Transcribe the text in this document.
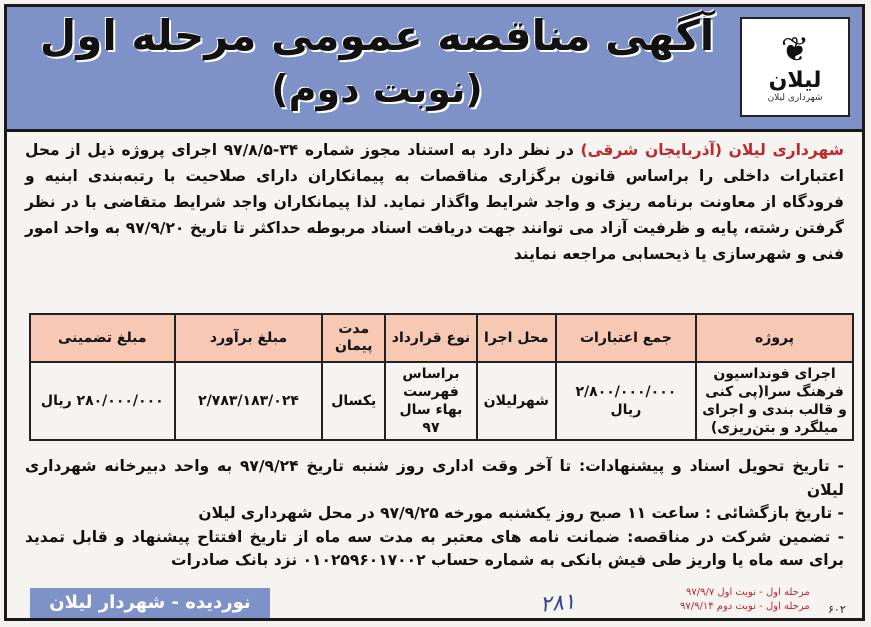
❦
لیلان
شهرداری لیلان
آگهی مناقصه عمومی مرحله اول
(نوبت دوم)
شهرداری لیلان (آذربایجان شرقی) در نظر دارد به استناد مجوز شماره ۳۴-۹۷/۸/۵ اجرای پروژه ذیل از محل اعتبارات داخلی را براساس قانون برگزاری مناقصات به پیمانکاران دارای صلاحیت با رتبه‌بندی ابنیه و فرودگاه از معاونت برنامه ریزی و واجد شرایط واگذار نماید. لذا پیمانکاران واجد شرایط متقاضی با در نظر گرفتن رشته، پایه و ظرفیت آزاد می توانند جهت دریافت اسناد مربوطه حداکثر تا تاریخ ۹۷/۹/۲۰ به واحد امور فنی و شهرسازی یا ذیحسابی مراجعه نمایند
پروژه	جمع اعتبارات	محل اجرا	نوع قرارداد	مدت پیمان	مبلغ برآورد	مبلغ تضمینی
اجرای فونداسیون فرهنگ سرا(پی کنی و قالب بندی و اجرای میلگرد و بتن‌ریزی)	۲/۸۰۰/۰۰۰/۰۰۰ ریال	شهرلیلان	براساس فهرست بهاء سال ۹۷	یکسال	۲/۷۸۳/۱۸۳/۰۲۴	۲۸۰/۰۰۰/۰۰۰ ریال

- تاریخ تحویل اسناد و پیشنهادات: تا آخر وقت اداری روز شنبه تاریخ ۹۷/۹/۲۴ به واحد دبیرخانه شهرداری لیلان

- تاریخ بازگشائی : ساعت ۱۱ صبح روز یکشنبه مورخه ۹۷/۹/۲۵ در محل شهرداری لیلان

- تضمین شرکت در مناقصه: ضمانت نامه های معتبر به مدت سه ماه از تاریخ افتتاح پیشنهاد و قابل تمدید برای سه ماه یا واریز طی فیش بانکی به شماره حساب ۰۱۰۲۵۹۶۰۱۷۰۰۲ نزد بانک صادرات

نوردیده - شهردار لیلان	۲۸۱	مرحله اول - نوبت اول ۹۷/۹/۷
مرحله اول - نوبت دوم ۹۷/۹/۱۴ ۶۰۲
